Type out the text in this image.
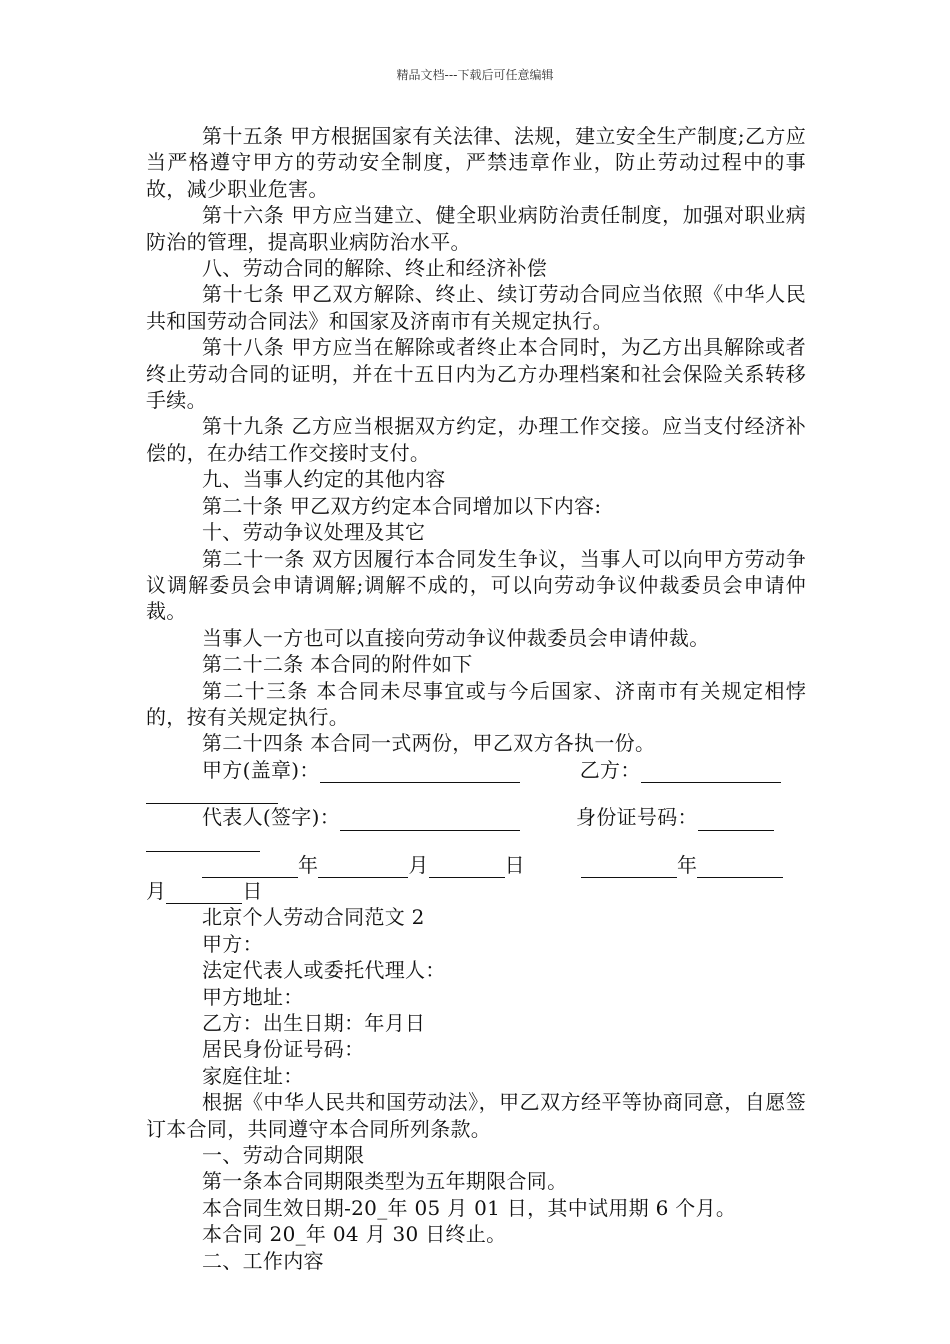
精品文档---下载后可任意编辑

第十五条 甲方根据国家有关法律、法规，建立安全生产制度;乙方应当严格遵守甲方的劳动安全制度，严禁违章作业，防止劳动过程中的事故，减少职业危害。

第十六条 甲方应当建立、健全职业病防治责任制度，加强对职业病防治的管理，提高职业病防治水平。

八、劳动合同的解除、终止和经济补偿

第十七条 甲乙双方解除、终止、续订劳动合同应当依照《中华人民共和国劳动合同法》和国家及济南市有关规定执行。

第十八条 甲方应当在解除或者终止本合同时，为乙方出具解除或者终止劳动合同的证明，并在十五日内为乙方办理档案和社会保险关系转移手续。

第十九条 乙方应当根据双方约定，办理工作交接。应当支付经济补偿的，在办结工作交接时支付。

九、当事人约定的其他内容

第二十条 甲乙双方约定本合同增加以下内容:

十、劳动争议处理及其它

第二十一条 双方因履行本合同发生争议，当事人可以向甲方劳动争议调解委员会申请调解;调解不成的，可以向劳动争议仲裁委员会申请仲裁。

当事人一方也可以直接向劳动争议仲裁委员会申请仲裁。

第二十二条 本合同的附件如下

第二十三条 本合同未尽事宜或与今后国家、济南市有关规定相悖的，按有关规定执行。

第二十四条 本合同一式两份，甲乙双方各执一份。

甲方(盖章)：	乙方：
代表人(签字)：	身份证号码：
年	月	日	年
月	日

北京个人劳动合同范文 2

甲方：

法定代表人或委托代理人：

甲方地址：

乙方：出生日期：年月日

居民身份证号码：

家庭住址：

根据《中华人民共和国劳动法》，甲乙双方经平等协商同意，自愿签订本合同，共同遵守本合同所列条款。

一、劳动合同期限

第一条本合同期限类型为五年期限合同。

本合同生效日期-20_年 05 月 01 日，其中试用期 6 个月。

本合同 20_年 04 月 30 日终止。

二、工作内容
